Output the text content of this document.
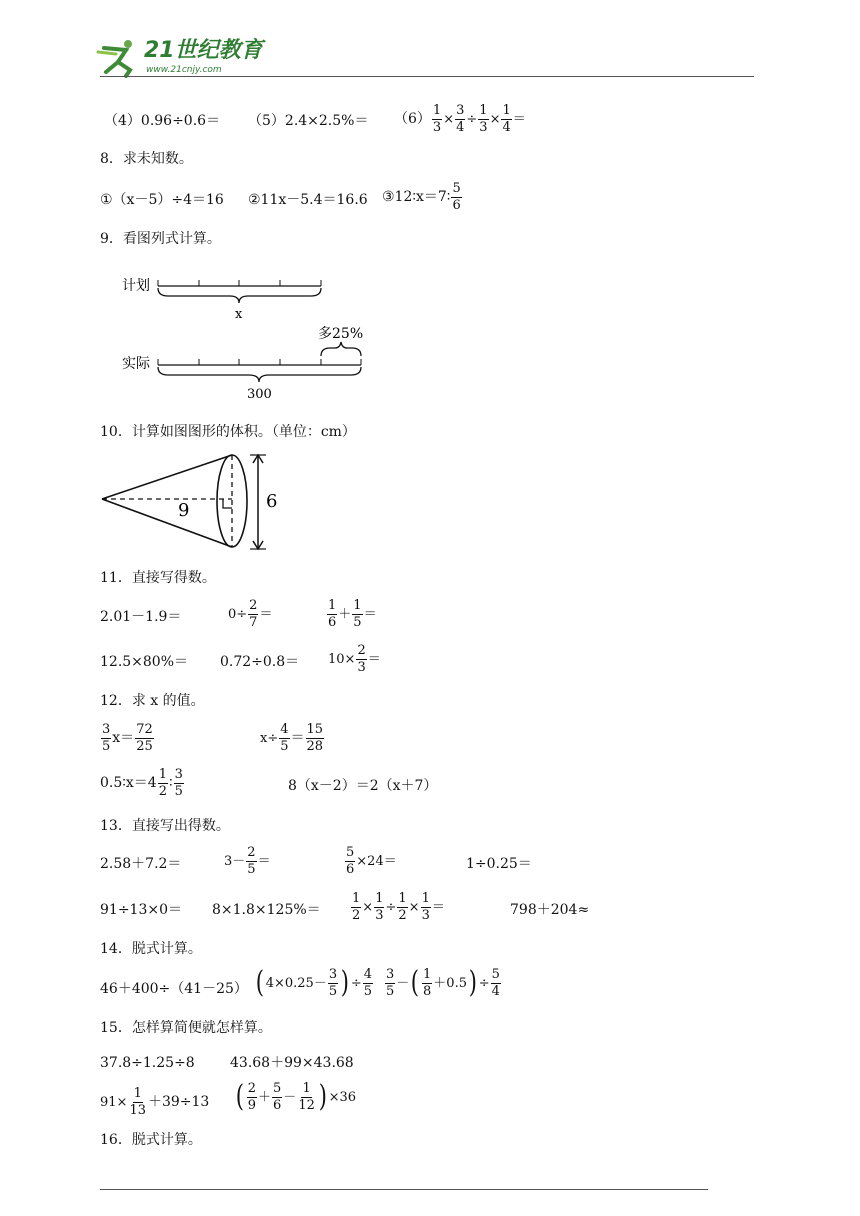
21世纪教育
www.21cnjy.com
$(4)0.96\div 0.6= (5)2.4\times 2.5\%= (6) \frac{1}{3} \times \frac{3}{4} \div \frac{1}{3} \times \frac{1}{4}$ ＝
8．求未知数。
①（x－5）÷4＝16 ②11x－5.4＝16.6 ③12∶x＝7∶ $\frac{5}{6}$
9．看图列式计算。
计划
x
多25%
实际
300
10．计算如图图形的体积。（单位：cm）
9	6
11．直接写得数。
2.01－1.9＝	$0\div \frac{2}{7}$ ＝	$\frac{1}{6} + \frac{1}{5}$ ＝
$12.5\times 80\%= 0.72\div 0.8= 10\times \frac{2}{3}$ ＝
12．求 x 的值。
$\frac{3}{5} x= \frac{72}{25}$	$x\div \frac{4}{5} = \frac{15}{28}$
0.5∶x＝4 $\frac{1}{2}$ ∶ $\frac{3}{5}$	8（x－2）＝2（x＋7）
13．直接写出得数。
2.58＋7.2＝	$3- \frac{2}{5}$ ＝	$\frac{5}{6} \times 24=$	1÷0.25＝
$91\div 13\times 0= 8\times 1.8\times 125\%= \frac{1}{2} \times \frac{1}{3} \div \frac{1}{2} \times \frac{1}{3}$ ＝	798＋204≈
14．脱式计算。
46＋400÷（41－25） ( $4\times 0.25- \frac{3}{5}$ ) ÷ $\frac{4}{5} \frac{3}{5}$ － ( $\frac{1}{8} +0.5$ ) ÷ $\frac{5}{4}$
15．怎样算简便就怎样算。
37.8÷1.25÷8	43.68＋99×43.68
$91\times \frac{1}{13} +39\div 13$ ( $\frac{2}{9} + \frac{5}{6} - \frac{1}{12}$ ) ×36
16．脱式计算。
